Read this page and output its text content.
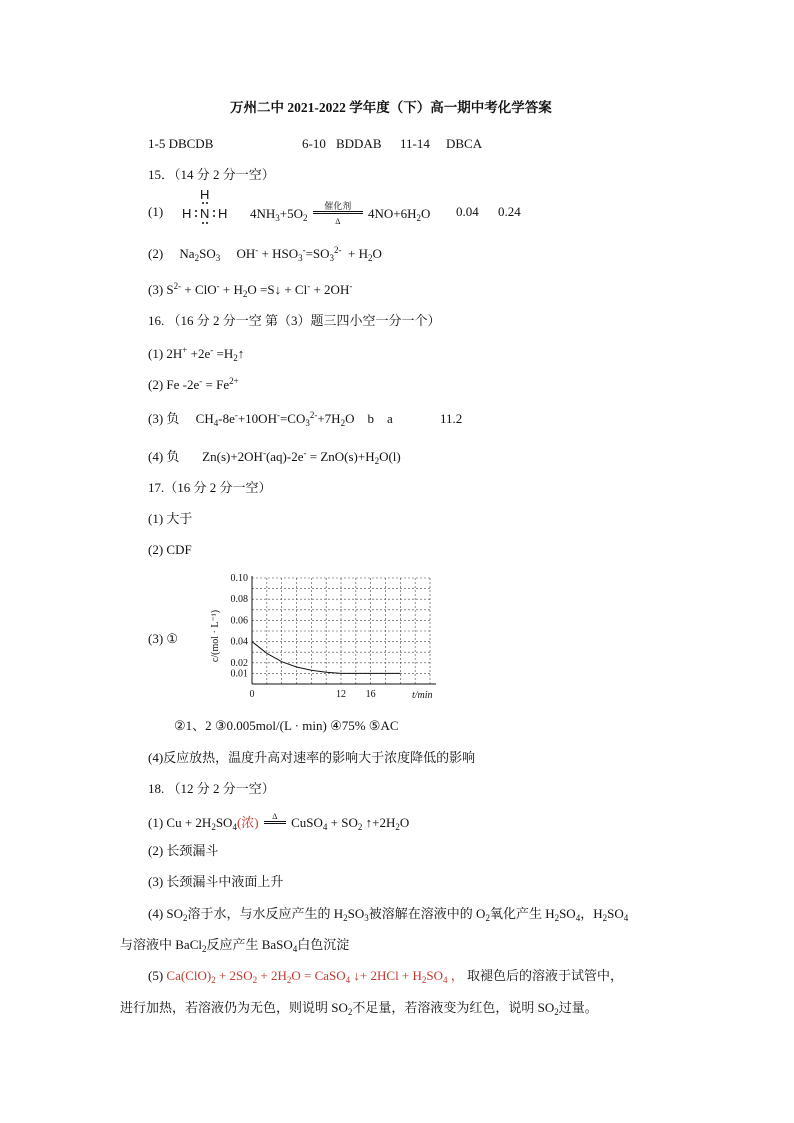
万州二中 2021-2022 学年度（下）高一期中考化学答案
1-5 DBCDB	6-10 BDDAB 11-14 DBCA
15．（14 分 2 分一空）
(1)
H
H N H $4NH_3+5O_2$
催化剂
Δ
$4NO+6H_2O$ 0.04 0.24
(2) $Na_2SO_3$ $OH^- + HSO_3^-=SO_3^{2-} + H_2O$
(3) $S^{2-} + ClO^- + H_2O$ =S↓ + Cl- + 2OH-
16. （16 分 2 分一空 第（3）题三四小空一分一个）
(1) $2H^+ +2e^- =H_2↑$
(2) Fe $-2e^- = Fe^{2+}$
(3) 负 $CH_4-8e^-+10OH^-=CO_3^{2-}+7H_2O$ b a	11.2
(4) 负 $Zn(s)+2OH^-(aq)-2e^- = ZnO(s)+H_2O(l)$
17.（16 分 2 分一空）
(1) 大于
(2) CDF
(3) ①
0.10
0.08
0.06
0.04
0.02
0.01
0	12 16
c/(mol · L⁻¹)
t/min
②1、2 ③0.005mol/(L · min) ④75% ⑤AC
(4)反应放热，温度升高对速率的影响大于浓度降低的影响
18. （12 分 2 分一空）
(1) $Cu + 2H_2SO_4$(浓)	Δ	CuSO$_4$ + $SO_2$ $↑+2H_2O$
(2) 长颈漏斗
(3) 长颈漏斗中液面上升
(4) $SO_2$溶于水，与水反应产生的 $H_2SO_3$被溶解在溶液中的 $O_2$氧化产生 $H_2SO_4$，$H_2SO_4$
与溶液中 BaCl$_2$反应产生 BaSO$_4$白色沉淀
(5) $Ca(ClO)_2 + 2SO_2 + 2H_2O$ = CaSO$_4$ ↓+ $2HCl + H_2SO_4$ ， 取褪色后的溶液于试管中，
进行加热，若溶液仍为无色，则说明 $SO_2$不足量，若溶液变为红色，说明 $SO_2$过量。
